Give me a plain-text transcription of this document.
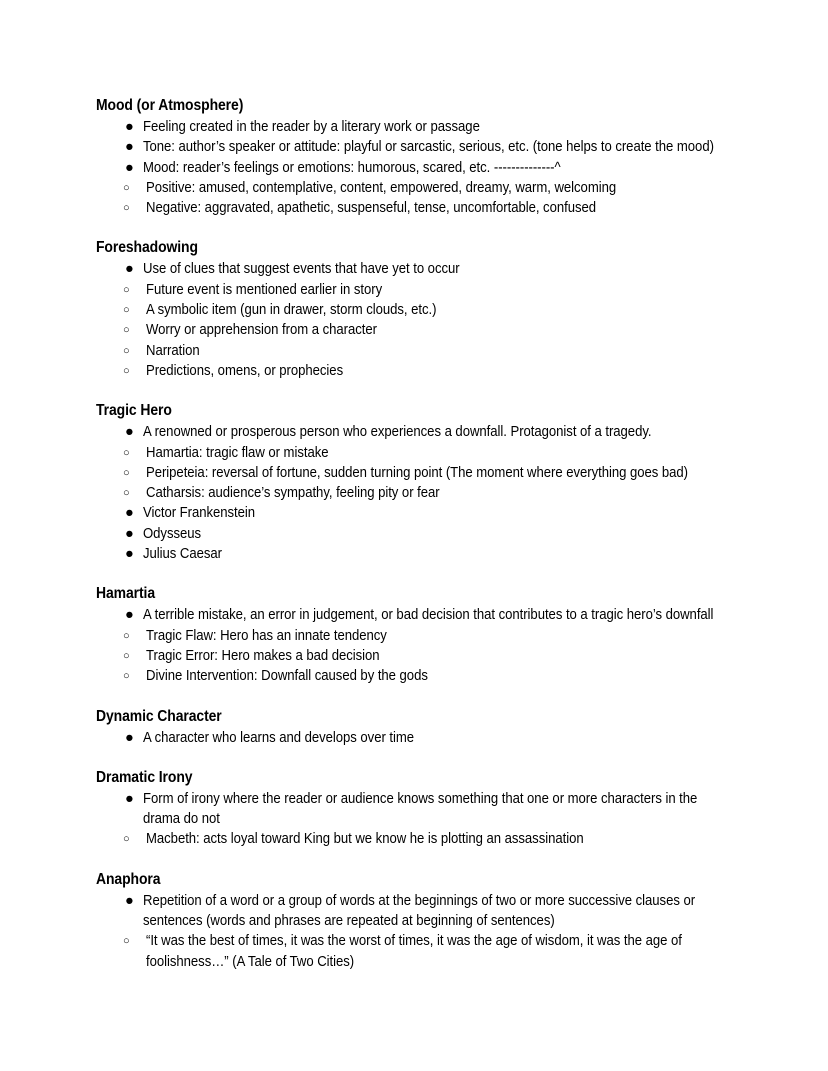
Mood (or Atmosphere)
● Feeling created in the reader by a literary work or passage
● Tone: author’s speaker or attitude: playful or sarcastic, serious, etc. (tone helps to create the mood)
● Mood: reader’s feelings or emotions: humorous, scared, etc. --------------^
○	Positive: amused, contemplative, content, empowered, dreamy, warm, welcoming
○	Negative: aggravated, apathetic, suspenseful, tense, uncomfortable, confused
Foreshadowing
● Use of clues that suggest events that have yet to occur
○	Future event is mentioned earlier in story
○	A symbolic item (gun in drawer, storm clouds, etc.)
○	Worry or apprehension from a character
○	Narration
○	Predictions, omens, or prophecies
Tragic Hero
● A renowned or prosperous person who experiences a downfall. Protagonist of a tragedy.
○	Hamartia: tragic flaw or mistake
○	Peripeteia: reversal of fortune, sudden turning point (The moment where everything goes bad)
○	Catharsis: audience’s sympathy, feeling pity or fear
● Victor Frankenstein
● Odysseus
● Julius Caesar
Hamartia
● A terrible mistake, an error in judgement, or bad decision that contributes to a tragic hero’s downfall
○	Tragic Flaw: Hero has an innate tendency
○	Tragic Error: Hero makes a bad decision
○	Divine Intervention: Downfall caused by the gods
Dynamic Character
● A character who learns and develops over time
Dramatic Irony
● Form of irony where the reader or audience knows something that one or more characters in the drama do not
○	Macbeth: acts loyal toward King but we know he is plotting an assassination
Anaphora
● Repetition of a word or a group of words at the beginnings of two or more successive clauses or sentences (words and phrases are repeated at beginning of sentences)
○	“It was the best of times, it was the worst of times, it was the age of wisdom, it was the age of foolishness…” (A Tale of Two Cities)
